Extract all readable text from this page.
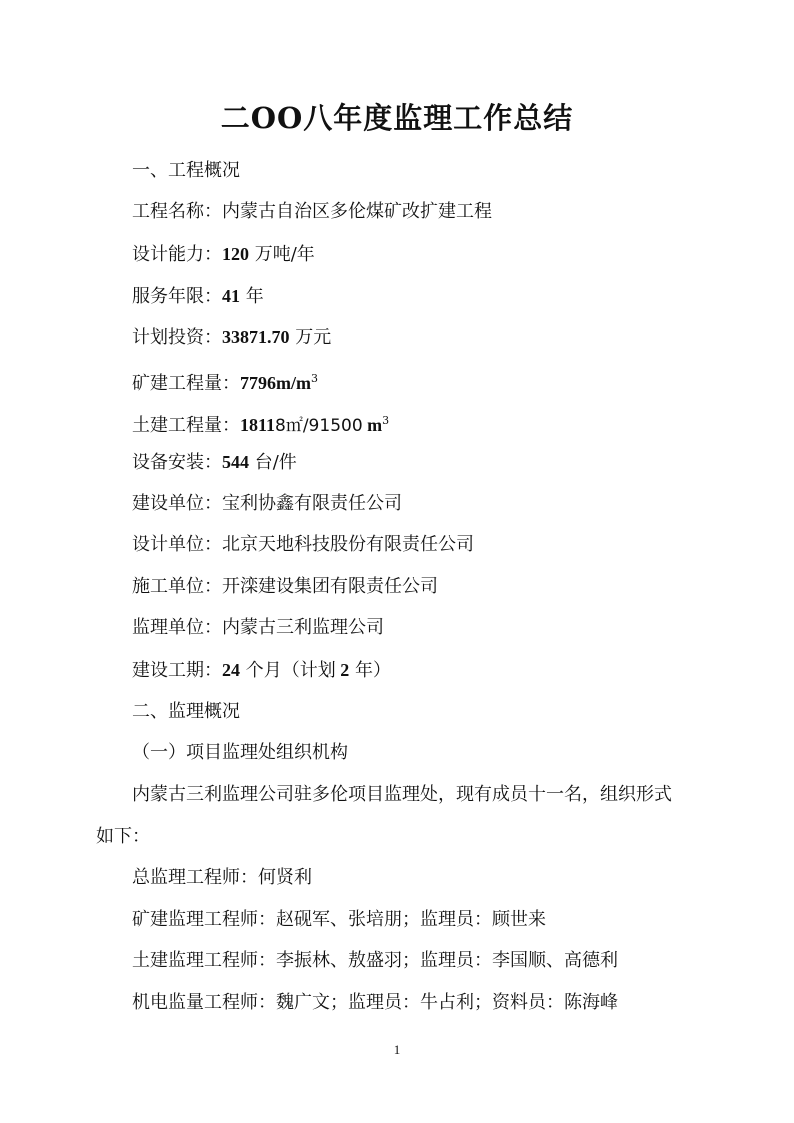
二OO八年度监理工作总结
一、工程概况
工程名称：内蒙古自治区多伦煤矿改扩建工程
设计能力：120 万吨/年
服务年限：41 年
计划投资：33871.70 万元
矿建工程量：$7796m/m^3$
土建工程量：18118㎡/91500 $m^3$
设备安装：544 台/件
建设单位：宝利协鑫有限责任公司
设计单位：北京天地科技股份有限责任公司
施工单位：开滦建设集团有限责任公司
监理单位：内蒙古三利监理公司
建设工期：24 个月（计划 2 年）
二、监理概况
（一）项目监理处组织机构
内蒙古三利监理公司驻多伦项目监理处，现有成员十一名，组织形式
如下：
总监理工程师：何贤利
矿建监理工程师：赵砚军、张培朋；监理员：顾世来
土建监理工程师：李振林、敖盛羽；监理员：李国顺、高德利
机电监量工程师：魏广文；监理员：牛占利；资料员：陈海峰
1
